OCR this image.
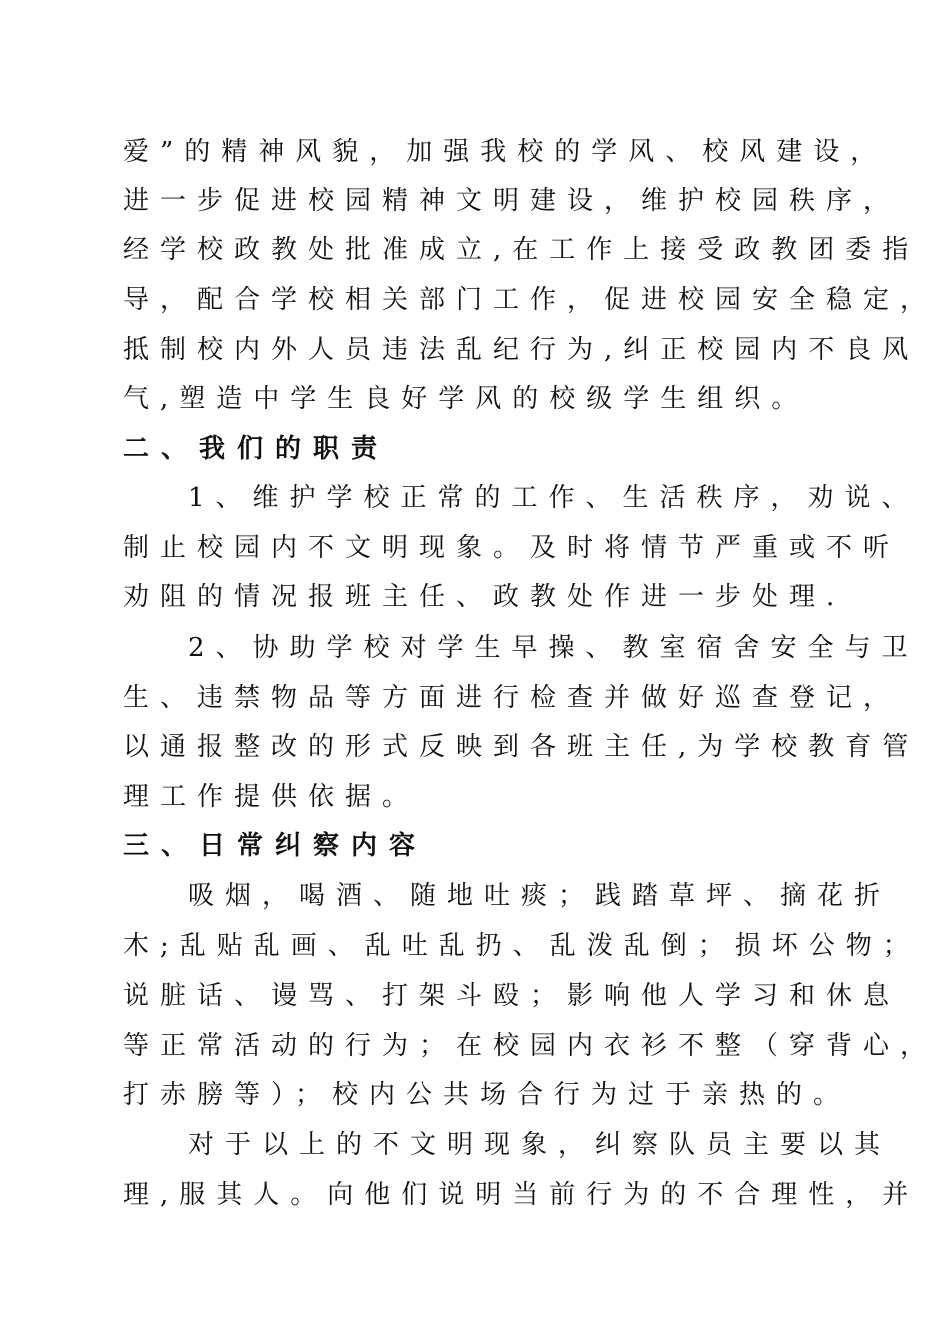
爱”的精神风貌，加强我校的学风、校风建设，
进一步促进校园精神文明建设，维护校园秩序，
经学校政教处批准成立,在工作上接受政教团委指
导，配合学校相关部门工作，促进校园安全稳定，
抵制校内外人员违法乱纪行为,纠正校园内不良风
气,塑造中学生良好学风的校级学生组织。
二、我们的职责
1、维护学校正常的工作、生活秩序，劝说、
制止校园内不文明现象。及时将情节严重或不听
劝阻的情况报班主任、政教处作进一步处理.
2、协助学校对学生早操、教室宿舍安全与卫
生、违禁物品等方面进行检查并做好巡查登记，
以通报整改的形式反映到各班主任,为学校教育管
理工作提供依据。
三、日常纠察内容
吸烟，喝酒、随地吐痰；践踏草坪、摘花折
木;乱贴乱画、乱吐乱扔、乱泼乱倒；损坏公物；
说脏话、谩骂、打架斗殴；影响他人学习和休息
等正常活动的行为；在校园内衣衫不整（穿背心，
打赤膀等）；校内公共场合行为过于亲热的。
对于以上的不文明现象，纠察队员主要以其
理,服其人。向他们说明当前行为的不合理性，并
